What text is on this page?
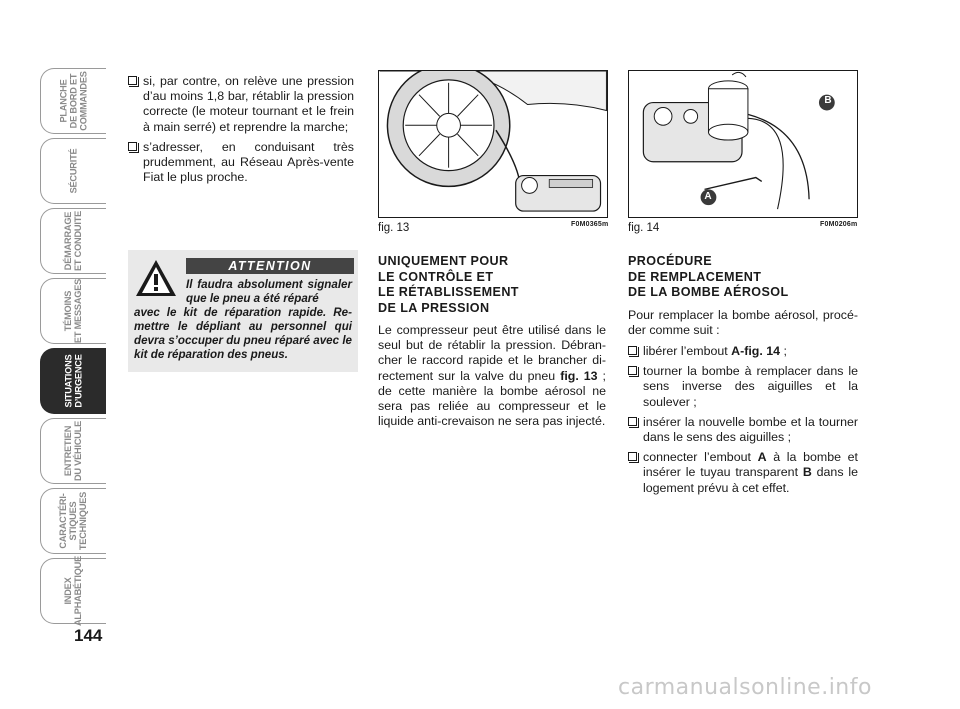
PLANCHE
DE BORD ET
COMMANDES
SÉCURITÉ
DÉMARRAGE
ET CONDUITE
TÉMOINS
ET MESSAGES
SITUATIONS
D’URGENCE
ENTRETIEN
DU VÉHICULE
CARACTÉRI-
STIQUES
TECHNIQUES
INDEX
ALPHABÉTIQUE
144
si, par contre, on relève une pression d’au moins 1,8 bar, rétablir la pression correcte (le moteur tournant et le frein à main serré) et reprendre la marche;
s’adresser, en conduisant très prudemment, au Réseau Après-vente Fiat le plus proche.
ATTENTION
Il faudra absolument signaler que le pneu a été réparé
avec le kit de réparation rapide. Remettre le dépliant au personnel qui devra s’occuper du pneu réparé avec le kit de réparation des pneus.
fig. 13	F0M0365m
A
B
fig. 14	F0M0206m
UNIQUEMENT POUR
LE CONTRÔLE ET
LE RÉTABLISSEMENT
DE LA PRESSION
Le compresseur peut être utilisé dans le seul but de rétablir la pression. Débrancher le raccord rapide et le brancher directement sur la valve du pneu fig. 13 ; de cette manière la bombe aérosol ne sera pas reliée au compresseur et le liquide anti-crevaison ne sera pas injecté.
PROCÉDURE
DE REMPLACEMENT
DE LA BOMBE AÉROSOL
Pour remplacer la bombe aérosol, procéder comme suit :
libérer l’embout A-fig. 14 ;
tourner la bombe à remplacer dans le sens inverse des aiguilles et la soulever ;
insérer la nouvelle bombe et la tourner dans le sens des aiguilles ;
connecter l’embout A à la bombe et insérer le tuyau transparent B dans le logement prévu à cet effet.
carmanualsonline.info
